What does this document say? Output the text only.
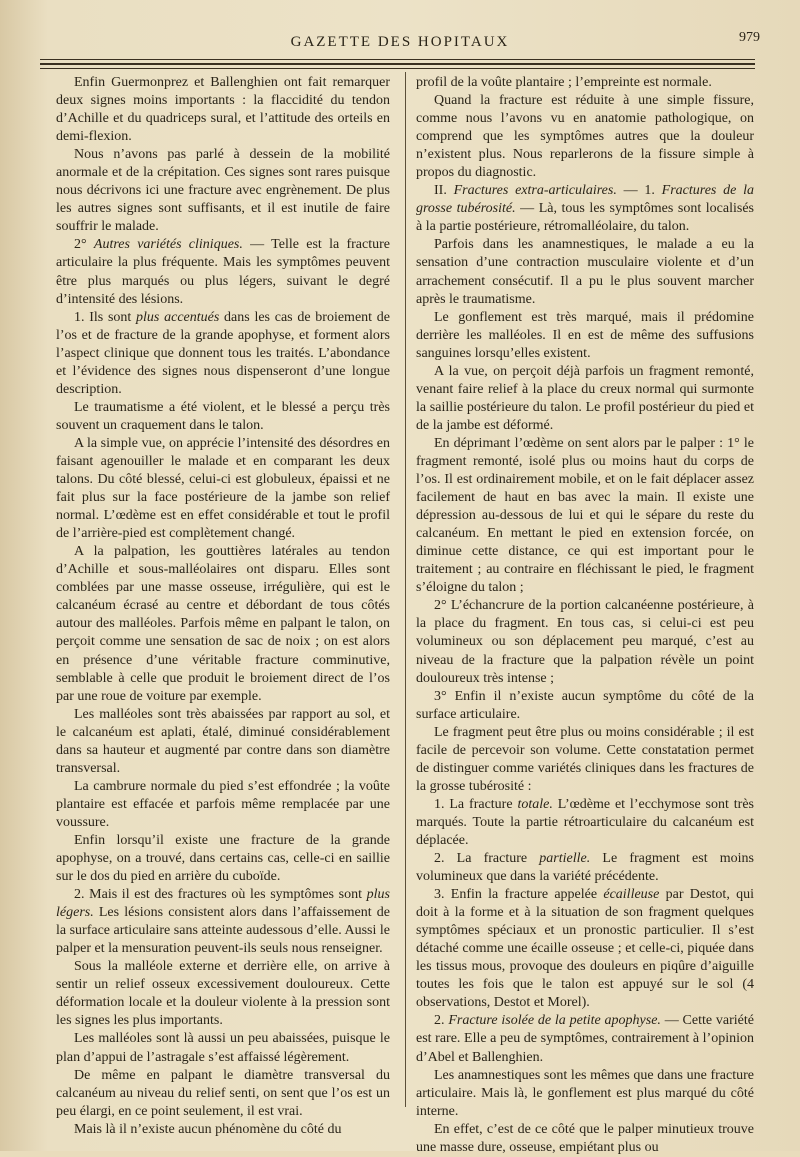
GAZETTE DES HOPITAUX	979

Enfin Guermonprez et Ballenghien ont fait remarquer deux signes moins importants : la flaccidité du tendon d’Achille et du quadriceps sural, et l’attitude des orteils en demi-flexion.

Nous n’avons pas parlé à dessein de la mobilité anormale et de la crépitation. Ces signes sont rares puisque nous décrivons ici une fracture avec engrènement. De plus les autres signes sont suffisants, et il est inutile de faire souffrir le malade.

2° Autres variétés cliniques. — Telle est la fracture articulaire la plus fréquente. Mais les symptômes peuvent être plus marqués ou plus légers, suivant le degré d’intensité des lésions.

1. Ils sont plus accentués dans les cas de broiement de l’os et de fracture de la grande apophyse, et forment alors l’aspect clinique que donnent tous les traités. L’abondance et l’évidence des signes nous dispenseront d’une longue description.

Le traumatisme a été violent, et le blessé a perçu très souvent un craquement dans le talon.

A la simple vue, on apprécie l’intensité des désordres en faisant agenouiller le malade et en comparant les deux talons. Du côté blessé, celui-ci est globuleux, épaissi et ne fait plus sur la face postérieure de la jambe son relief normal. L’œdème est en effet considérable et tout le profil de l’arrière-pied est complètement changé.

A la palpation, les gouttières latérales au tendon d’Achille et sous-malléolaires ont disparu. Elles sont comblées par une masse osseuse, irrégulière, qui est le calcanéum écrasé au centre et débordant de tous côtés autour des malléoles. Parfois même en palpant le talon, on perçoit comme une sensation de sac de noix ; on est alors en présence d’une véritable fracture comminutive, semblable à celle que produit le broiement direct de l’os par une roue de voiture par exemple.

Les malléoles sont très abaissées par rapport au sol, et le calcanéum est aplati, étalé, diminué considérablement dans sa hauteur et augmenté par contre dans son diamètre transversal.

La cambrure normale du pied s’est effondrée ; la voûte plantaire est effacée et parfois même remplacée par une voussure.

Enfin lorsqu’il existe une fracture de la grande apophyse, on a trouvé, dans certains cas, celle-ci en saillie sur le dos du pied en arrière du cuboïde.

2. Mais il est des fractures où les symptômes sont plus légers. Les lésions consistent alors dans l’affaissement de la surface articulaire sans atteinte audessous d’elle. Aussi le palper et la mensuration peuvent-ils seuls nous renseigner.

Sous la malléole externe et derrière elle, on arrive à sentir un relief osseux excessivement douloureux. Cette déformation locale et la douleur violente à la pression sont les signes les plus importants.

Les malléoles sont là aussi un peu abaissées, puisque le plan d’appui de l’astragale s’est affaissé légèrement.

De même en palpant le diamètre transversal du calcanéum au niveau du relief senti, on sent que l’os est un peu élargi, en ce point seulement, il est vrai.

Mais là il n’existe aucun phénomène du côté du

profil de la voûte plantaire ; l’empreinte est normale.

Quand la fracture est réduite à une simple fissure, comme nous l’avons vu en anatomie pathologique, on comprend que les symptômes autres que la douleur n’existent plus. Nous reparlerons de la fissure simple à propos du diagnostic.

II. Fractures extra-articulaires. — 1. Fractures de la grosse tubérosité. — Là, tous les symptômes sont localisés à la partie postérieure, rétromalléolaire, du talon.

Parfois dans les anamnestiques, le malade a eu la sensation d’une contraction musculaire violente et d’un arrachement consécutif. Il a pu le plus souvent marcher après le traumatisme.

Le gonflement est très marqué, mais il prédomine derrière les malléoles. Il en est de même des suffusions sanguines lorsqu’elles existent.

A la vue, on perçoit déjà parfois un fragment remonté, venant faire relief à la place du creux normal qui surmonte la saillie postérieure du talon. Le profil postérieur du pied et de la jambe est déformé.

En déprimant l’œdème on sent alors par le palper : 1° le fragment remonté, isolé plus ou moins haut du corps de l’os. Il est ordinairement mobile, et on le fait déplacer assez facilement de haut en bas avec la main. Il existe une dépression au-dessous de lui et qui le sépare du reste du calcanéum. En mettant le pied en extension forcée, on diminue cette distance, ce qui est important pour le traitement ; au contraire en fléchissant le pied, le fragment s’éloigne du talon ;

2° L’échancrure de la portion calcanéenne postérieure, à la place du fragment. En tous cas, si celui-ci est peu volumineux ou son déplacement peu marqué, c’est au niveau de la fracture que la palpation révèle un point douloureux très intense ;

3° Enfin il n’existe aucun symptôme du côté de la surface articulaire.

Le fragment peut être plus ou moins considérable ; il est facile de percevoir son volume. Cette constatation permet de distinguer comme variétés cliniques dans les fractures de la grosse tubérosité :

1. La fracture totale. L’œdème et l’ecchymose sont très marqués. Toute la partie rétroarticulaire du calcanéum est déplacée.

2. La fracture partielle. Le fragment est moins volumineux que dans la variété précédente.

3. Enfin la fracture appelée écailleuse par Destot, qui doit à la forme et à la situation de son fragment quelques symptômes spéciaux et un pronostic particulier. Il s’est détaché comme une écaille osseuse ; et celle-ci, piquée dans les tissus mous, provoque des douleurs en piqûre d’aiguille toutes les fois que le talon est appuyé sur le sol (4 observations, Destot et Morel).

2. Fracture isolée de la petite apophyse. — Cette variété est rare. Elle a peu de symptômes, contrairement à l’opinion d’Abel et Ballenghien.

Les anamnestiques sont les mêmes que dans une fracture articulaire. Mais là, le gonflement est plus marqué du côté interne.

En effet, c’est de ce côté que le palper minutieux trouve une masse dure, osseuse, empiétant plus ou
